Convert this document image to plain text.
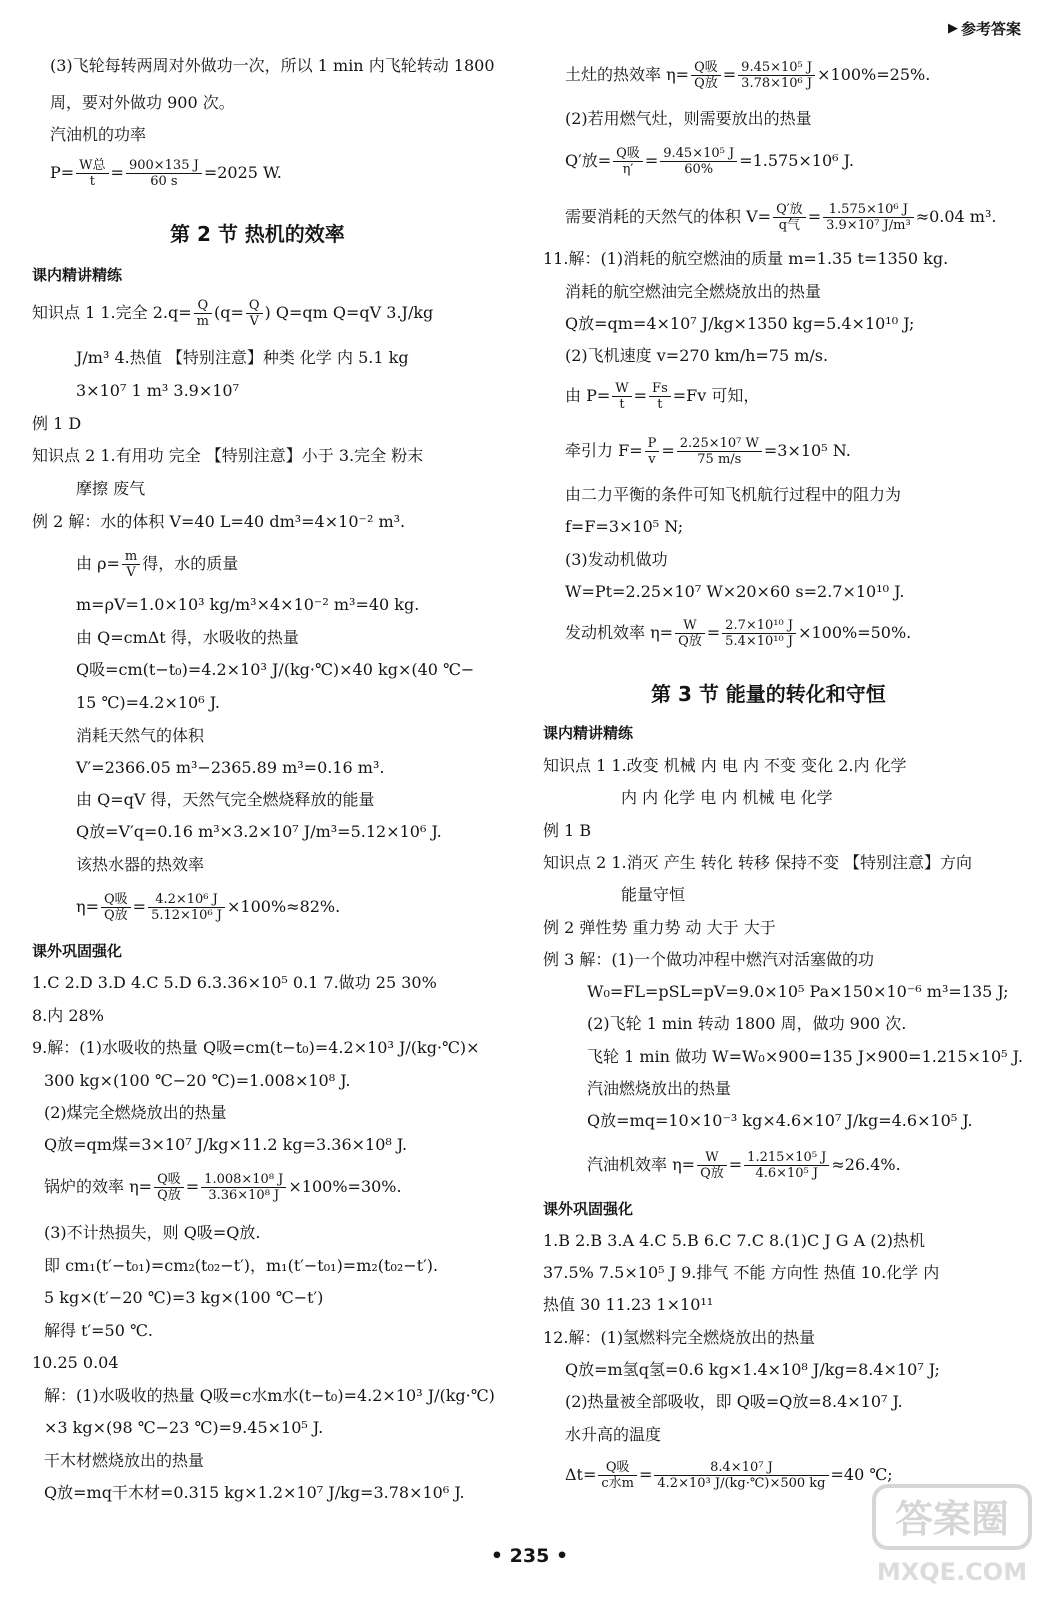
▶ 参考答案
(3)飞轮每转两周对外做功一次，所以 1 min 内飞轮转动 1800
周，要对外做功 900 次。
汽油机的功率
$P= \frac{\text{W总}}{t} = \frac{900\times 135 J}{60 s} =2025$ W.
第 2 节 热机的效率
课内精讲精练
知识点 1 1.完全 $2.q= \frac{Q}{m} (q= \frac{Q}{V}$ ) Q=qm Q=qV 3.J/kg
J/m³ 4.热值 【特别注意】种类 化学 内 5.1 kg
3×10⁷ 1 m³ 3.9×10⁷
例 1 D
知识点 2 1.有用功 完全 【特别注意】小于 3.完全 粉末
摩擦 废气
例 2 解：水的体积 V=40 L=40 dm³=4×10⁻² m³.
由 $\rho= \frac{m}{V}$ 得，水的质量
m=ρV=1.0×10³ kg/m³×4×10⁻² m³=40 kg.
由 Q=cmΔt 得，水吸收的热量
Q吸=cm(t−t₀)=4.2×10³ J/(kg·℃)×40 kg×(40 ℃−
15 ℃)=4.2×10⁶ J.
消耗天然气的体积
V′=2366.05 m³−2365.89 m³=0.16 m³.
由 Q=qV 得，天然气完全燃烧释放的能量
Q放=V′q=0.16 m³×3.2×10⁷ J/m³=5.12×10⁶ J.
该热水器的热效率
$\eta= \frac{\text{Q吸}}{\text{Q放}} = \frac{\text{4.2×10⁶ J}}{\text{5.12×10⁶ J}} \times 100\%\approx 82\%$.
课外巩固强化
1.C 2.D 3.D 4.C 5.D 6.3.36×10⁵ 0.1 7.做功 25 30%
8.内 28%
9.解：(1)水吸收的热量 Q吸=cm(t−t₀)=4.2×10³ J/(kg·℃)×
300 kg×(100 ℃−20 ℃)=1.008×10⁸ J.
(2)煤完全燃烧放出的热量
Q放=qm煤=3×10⁷ J/kg×11.2 kg=3.36×10⁸ J.
锅炉的效率 $\eta= \frac{\text{Q吸}}{\text{Q放}} = \frac{\text{1.008×10⁸ J}}{\text{3.36×10⁸ J}} \times 100\%=30\%$.
(3)不计热损失，则 Q吸=Q放.
即 cm₁(t′−t₀₁)=cm₂(t₀₂−t′)，m₁(t′−t₀₁)=m₂(t₀₂−t′).
5 kg×(t′−20 ℃)=3 kg×(100 ℃−t′)
解得 t′=50 ℃.
10.25 0.04
解：(1)水吸收的热量 Q吸=c水m水(t−t₀)=4.2×10³ J/(kg·℃)
×3 kg×(98 ℃−23 ℃)=9.45×10⁵ J.
干木材燃烧放出的热量
Q放=mq干木材=0.315 kg×1.2×10⁷ J/kg=3.78×10⁶ J.
土灶的热效率 $\eta= \frac{\text{Q吸}}{\text{Q放}} = \frac{\text{9.45×10⁵ J}}{\text{3.78×10⁶ J}} \times 100\%=25\%$.
(2)若用燃气灶，则需要放出的热量
Q′放= $\frac{\text{Q吸}}{\eta'} = \frac{\text{9.45×10⁵ J}}{60\%} =1.575\times 10^6$ J.
需要消耗的天然气的体积 $V= \frac{\text{Q′放}}{\text{q气}} = \frac{\text{1.575×10⁶ J}}{\text{3.9×10⁷ J/m³}} \approx 0.04$ m³.
11.解：(1)消耗的航空燃油的质量 m=1.35 t=1350 kg.
消耗的航空燃油完全燃烧放出的热量
Q放=qm=4×10⁷ J/kg×1350 kg=5.4×10¹⁰ J;
(2)飞机速度 v=270 km/h=75 m/s.
由 $P= \frac{W}{t} = \frac{Fs}{t} =Fv$ 可知，
牵引力 $F= \frac{P}{v} = \frac{\text{2.25×10⁷ W}}{75 m/s} =3\times 10^5$ N.
由二力平衡的条件可知飞机航行过程中的阻力为
f=F=3×10⁵ N;
(3)发动机做功
W=Pt=2.25×10⁷ W×20×60 s=2.7×10¹⁰ J.
发动机效率 $\eta= \frac{W}{\text{Q放}} = \frac{\text{2.7×10¹⁰ J}}{\text{5.4×10¹⁰ J}} \times 100\%=50\%$.
第 3 节 能量的转化和守恒
课内精讲精练
知识点 1 1.改变 机械 内 电 内 不变 变化 2.内 化学
内 内 化学 电 内 机械 电 化学
例 1 B
知识点 2 1.消灭 产生 转化 转移 保持不变 【特别注意】方向
能量守恒
例 2 弹性势 重力势 动 大于 大于
例 3 解：(1)一个做功冲程中燃汽对活塞做的功
W₀=FL=pSL=pV=9.0×10⁵ Pa×150×10⁻⁶ m³=135 J;
(2)飞轮 1 min 转动 1800 周，做功 900 次.
飞轮 1 min 做功 W=W₀×900=135 J×900=1.215×10⁵ J.
汽油燃烧放出的热量
Q放=mq=10×10⁻³ kg×4.6×10⁷ J/kg=4.6×10⁵ J.
汽油机效率 $\eta= \frac{W}{\text{Q放}} = \frac{\text{1.215×10⁵ J}}{\text{4.6×10⁵ J}} \approx 26.4\%$.
课外巩固强化
1.B 2.B 3.A 4.C 5.B 6.C 7.C 8.(1)C J G A (2)热机
37.5% 7.5×10⁵ J 9.排气 不能 方向性 热值 10.化学 内
热值 30 11.23 1×10¹¹
12.解：(1)氢燃料完全燃烧放出的热量
Q放=m氢q氢=0.6 kg×1.4×10⁸ J/kg=8.4×10⁷ J;
(2)热量被全部吸收，即 Q吸=Q放=8.4×10⁷ J.
水升高的温度
$\Delta t= \frac{\text{Q吸}}{\text{c水m}} = \frac{\text{8.4×10⁷ J}}{\text{4.2×10³ J/(kg·℃)×500 kg}} =40$ ℃;
• 235 •
答案圈
MXQE.COM
